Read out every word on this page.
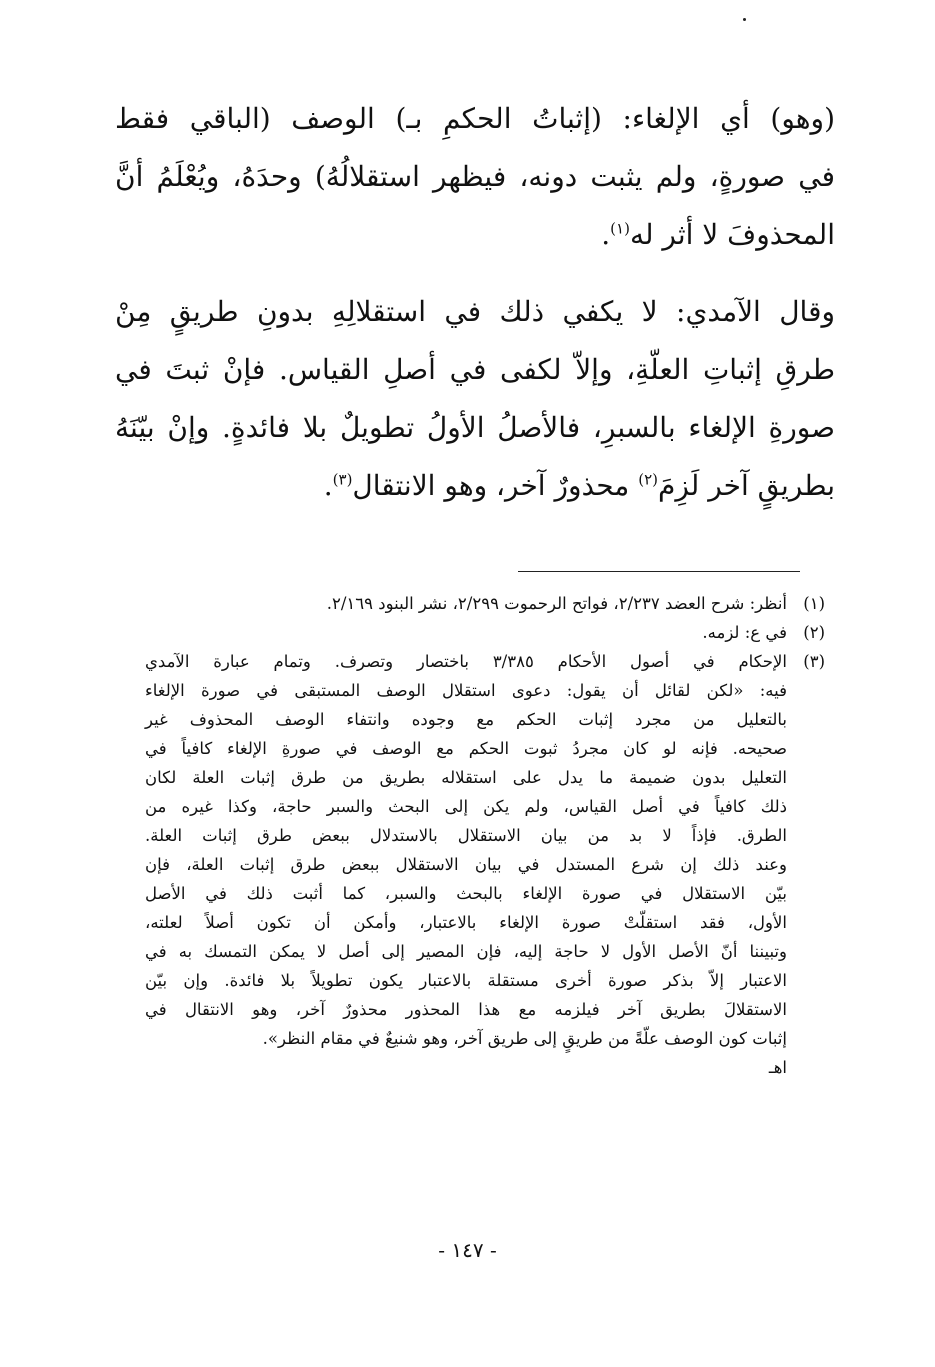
(وهو) أي الإلغاء: (إثباتُ الحكمِ بـ) الوصف (الباقي فقط
في صورةٍ، ولم يثبت دونه، فيظهر استقلالُهُ) وحدَهُ، ويُعْلَمُ أنَّ
المحذوفَ لا أثر له$^{(١)}$.
وقال الآمدي: لا يكفي ذلك في استقلالِهِ بدونِ طريقٍ مِنْ
طرقِ إثباتِ العلّةِ، وإلاّ لكفى في أصلِ القياس. فإنْ ثبتَ في
صورةِ الإلغاء بالسبرِ، فالأصلُ الأولُ تطويلٌ بلا فائدةٍ. وإنْ بيّنَهُ
بطريقٍ آخر لَزِمَ$^{(٢)}$ محذورٌ آخر، وهو الانتقال$^{(٣)}$.
(١)
أنظر: شرح العضد ٢/٢٣٧، فواتح الرحموت ٢/٢٩٩، نشر البنود ٢/١٦٩.
(٢)
في ع: لزمه.
(٣)
الإحكام في أصول الأحكام ٣/٣٨٥ باختصار وتصرف. وتمام عبارة الآمدي
فيه: «لكن لقائل أن يقول: دعوى استقلال الوصف المستبقى في صورة الإلغاء
بالتعليل من مجرد إثبات الحكم مع وجوده وانتفاء الوصف المحذوف غير
صحيحه. فإنه لو كان مجردُ ثبوت الحكم مع الوصف في صورةِ الإلغاء كافياً في
التعليل بدون ضميمة ما يدل على استقلاله بطريق من طرق إثبات العلة لكان
ذلك كافياً في أصل القياس، ولم يكن إلى البحث والسبر حاجة، وكذا غيره من
الطرق. فإذاً لا بد من بيان الاستقلال بالاستدلال ببعض طرق إثبات العلة.
وعند ذلك إن شرع المستدل في بيان الاستقلال ببعض طرق إثبات العلة، فإن
بيّن الاستقلال في صورة الإلغاء بالبحث والسبر، كما أثبت ذلك في الأصل
الأول، فقد استقلّتْ صورة الإلغاء بالاعتبار، وأمكن أن تكون أصلاً لعلته،
وتبيننا أنّ الأصل الأول لا حاجة إليه، فإن المصير إلى أصل لا يمكن التمسك به في
الاعتبار إلاّ بذكر صورة أخرى مستقلة بالاعتبار يكون تطويلاً بلا فائدة. وإن بيّن
الاستقلالَ بطريق آخر فيلزمه مع هذا المحذور محذورٌ آخر، وهو الانتقال في
إثبات كون الوصف علّةً من طريقٍ إلى طريق آخر، وهو شنيعٌ في مقام النظر».
اهـ
- ١٤٧ -
